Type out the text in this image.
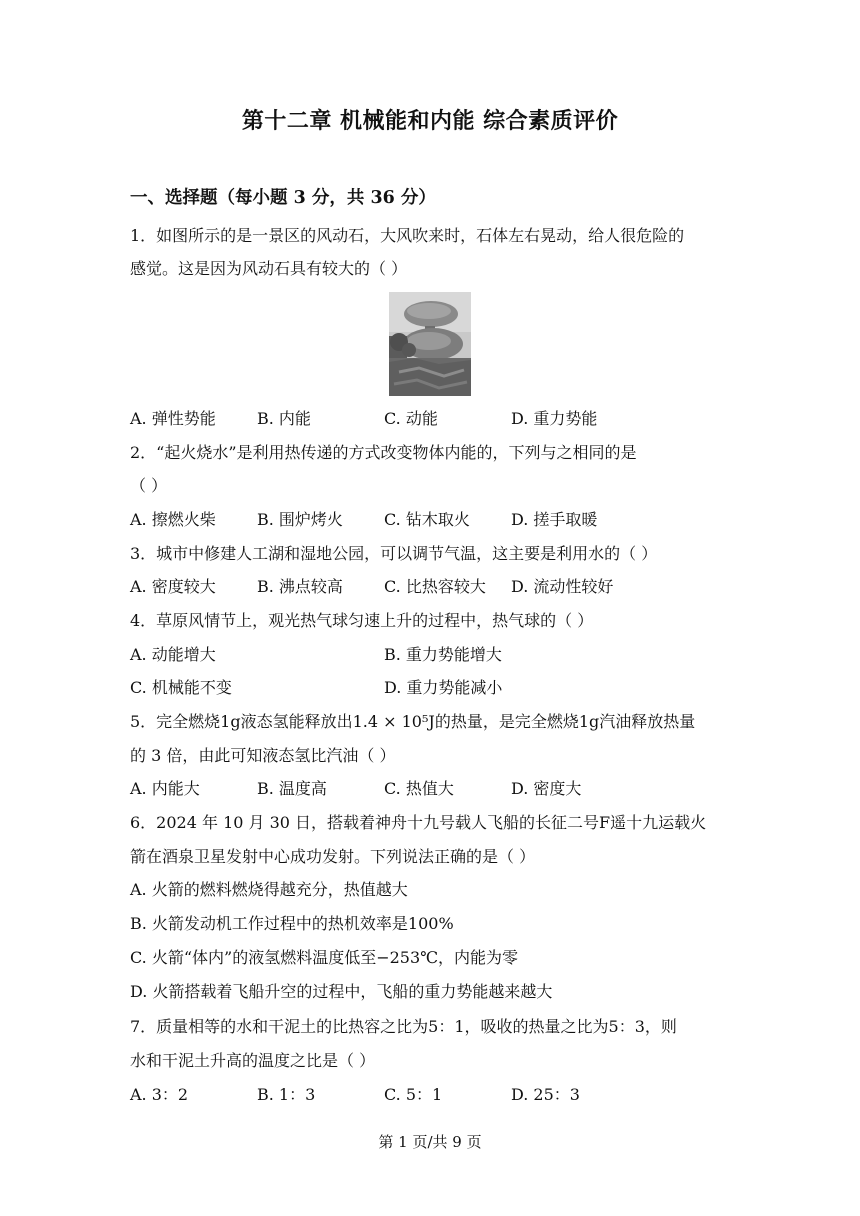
第十二章 机械能和内能 综合素质评价
一、选择题（每小题 3 分，共 36 分）
1．如图所示的是一景区的风动石，大风吹来时，石体左右晃动，给人很危险的
感觉。这是因为风动石具有较大的（ ）
A. 弹性势能	B. 内能	C. 动能	D. 重力势能
2．“起火烧水”是利用热传递的方式改变物体内能的，下列与之相同的是
（ ）
A. 擦燃火柴	B. 围炉烤火	C. 钻木取火	D. 搓手取暖
3．城市中修建人工湖和湿地公园，可以调节气温，这主要是利用水的（ ）
A. 密度较大	B. 沸点较高	C. 比热容较大 D. 流动性较好
4．草原风情节上，观光热气球匀速上升的过程中，热气球的（ ）
A. 动能增大	B. 重力势能增大
C. 机械能不变	D. 重力势能减小
5．完全燃烧1g液态氢能释放出1.4 × 10⁵J的热量，是完全燃烧1g汽油释放热量
的 3 倍，由此可知液态氢比汽油（ ）
A. 内能大	B. 温度高	C. 热值大	D. 密度大
6．2024 年 10 月 30 日，搭载着神舟十九号载人飞船的长征二号F遥十九运载火
箭在酒泉卫星发射中心成功发射。下列说法正确的是（ ）
A. 火箭的燃料燃烧得越充分，热值越大
B. 火箭发动机工作过程中的热机效率是100%
C. 火箭“体内”的液氢燃料温度低至−253℃，内能为零
D. 火箭搭载着飞船升空的过程中，飞船的重力势能越来越大
7．质量相等的水和干泥土的比热容之比为5：1，吸收的热量之比为5：3，则
水和干泥土升高的温度之比是（ ）
A. 3：2	B. 1：3	C. 5：1	D. 25：3
第 1 页/共 9 页
